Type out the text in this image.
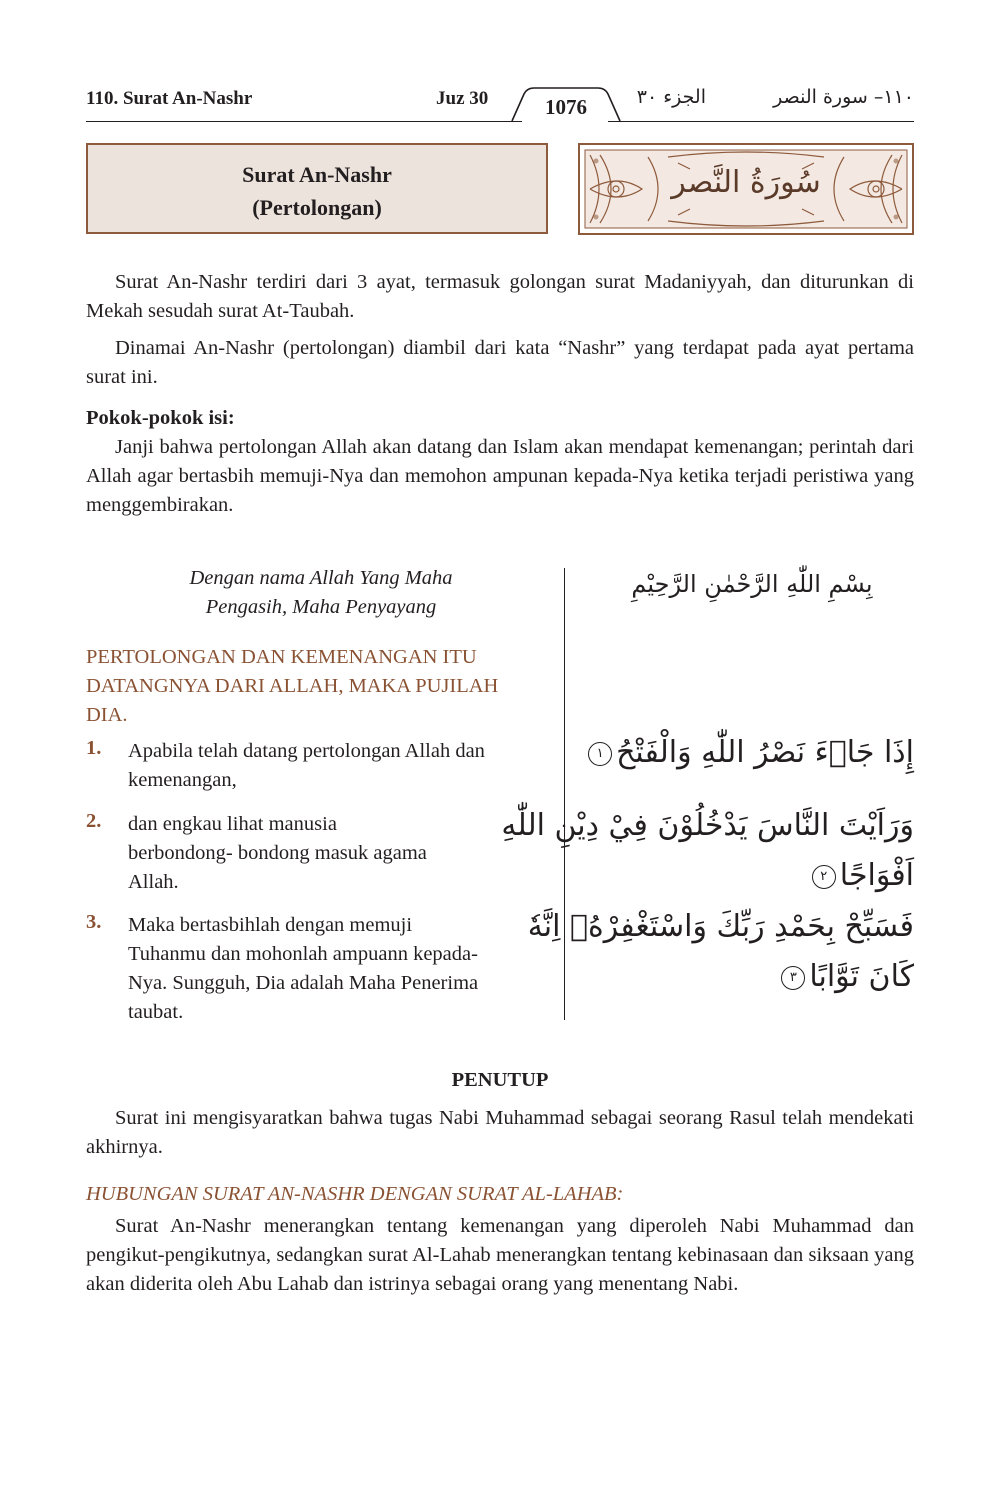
110. Surat An-Nashr	Juz 30	1076	الجزء ٣٠	١١٠– سورة النصر
Surat An-Nashr
(Pertolongan)
سُورَةُ النَّصر
Surat An-Nashr terdiri dari 3 ayat, termasuk golongan surat Madaniyyah, dan diturunkan di Mekah sesudah surat At-Taubah.
Dinamai An-Nashr (pertolongan) diambil dari kata “Nashr” yang terdapat pada ayat pertama surat ini.
Pokok-pokok isi:
Janji bahwa pertolongan Allah akan datang dan Islam akan mendapat kemenangan; perintah dari Allah agar bertasbih memuji-Nya dan memohon ampunan kepada-Nya ketika terjadi peristiwa yang menggembirakan.
Dengan nama Allah Yang Maha
Pengasih, Maha Penyayang
بِسْمِ اللّٰهِ الرَّحْمٰنِ الرَّحِيْمِ
PERTOLONGAN DAN KEMENANGAN ITU
DATANGNYA DARI ALLAH, MAKA PUJILAH
DIA.
1.	Apabila telah datang pertolongan Allah dan
kemenangan,
إِذَا جَاۤءَ نَصْرُ اللّٰهِ وَالْفَتْحُ١
2.	dan engkau lihat manusia
berbondong- bondong masuk agama
Allah.
وَرَاَيْتَ النَّاسَ يَدْخُلُوْنَ فِيْ دِيْنِ اللّٰهِ
اَفْوَاجًا٢
3.	Maka bertasbihlah dengan memuji
Tuhanmu dan mohonlah ampuann kepada-
Nya. Sungguh, Dia adalah Maha Penerima
taubat.
فَسَبِّحْ بِحَمْدِ رَبِّكَ وَاسْتَغْفِرْهُۗ اِنَّهٗ
كَانَ تَوَّابًا٣
PENUTUP
Surat ini mengisyaratkan bahwa tugas Nabi Muhammad sebagai seorang Rasul telah mendekati akhirnya.
HUBUNGAN SURAT AN-NASHR DENGAN SURAT AL-LAHAB:
Surat An-Nashr menerangkan tentang kemenangan yang diperoleh Nabi Muhammad dan pengikut-pengikutnya, sedangkan surat Al-Lahab menerangkan tentang kebinasaan dan siksaan yang akan diderita oleh Abu Lahab dan istrinya sebagai orang yang menentang Nabi.
